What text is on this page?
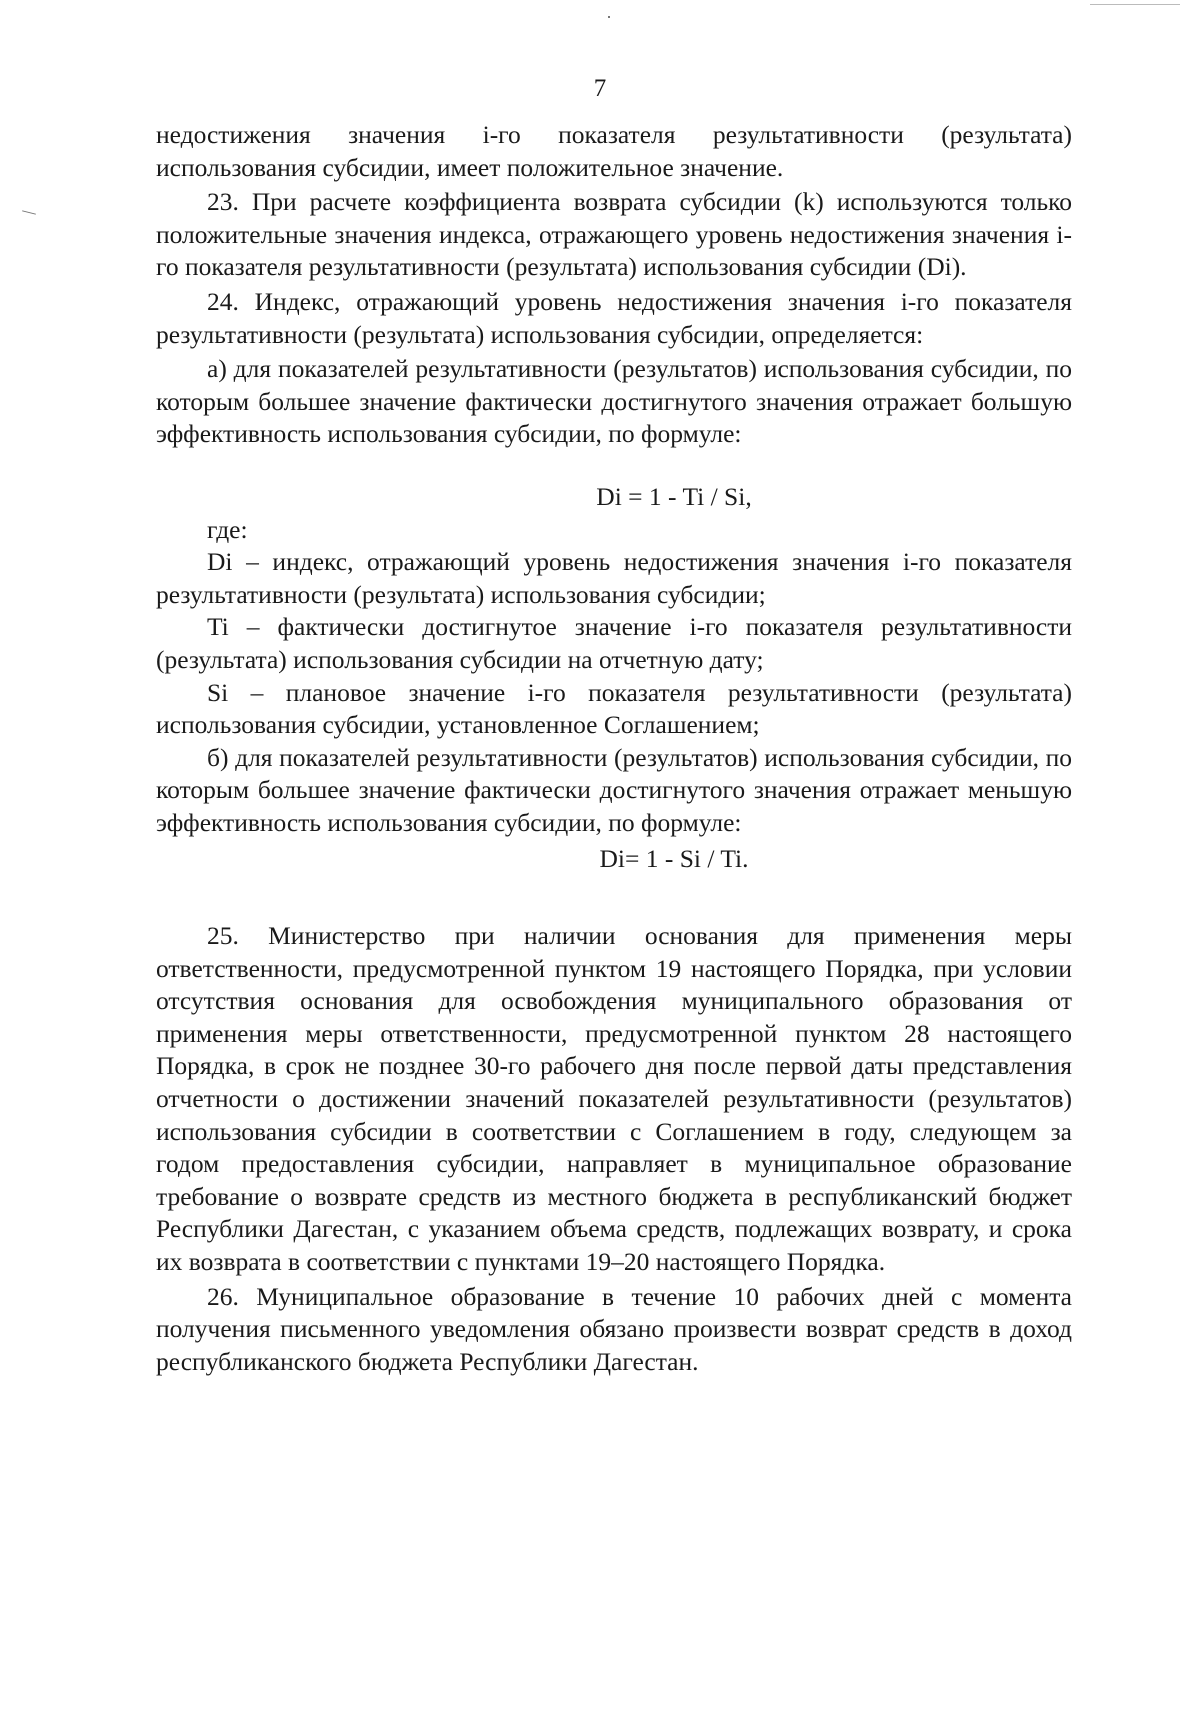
7

недостижения значения i-го показателя результативности (результата) использования субсидии, имеет положительное значение.

23. При расчете коэффициента возврата субсидии (k) используются только положительные значения индекса, отражающего уровень недостижения значения i-го показателя результативности (результата) использования субсидии (Di).

24. Индекс, отражающий уровень недостижения значения i-го показателя результативности (результата) использования субсидии, определяется:

а) для показателей результативности (результатов) использования субсидии, по которым большее значение фактически достигнутого значения отражает большую эффективность использования субсидии, по формуле:

Di = 1 - Ti / Si,

где:

Di – индекс, отражающий уровень недостижения значения i-го показателя результативности (результата) использования субсидии;

Ti – фактически достигнутое значение i-го показателя результативности (результата) использования субсидии на отчетную дату;

Si – плановое значение i-го показателя результативности (результата) использования субсидии, установленное Соглашением;

б) для показателей результативности (результатов) использования субсидии, по которым большее значение фактически достигнутого значения отражает меньшую эффективность использования субсидии, по формуле:

Di= 1 - Si / Ti.

25. Министерство при наличии основания для применения меры ответственности, предусмотренной пунктом 19 настоящего Порядка, при условии отсутствия основания для освобождения муниципального образования от применения меры ответственности, предусмотренной пунктом 28 настоящего Порядка, в срок не позднее 30-го рабочего дня после первой даты представления отчетности о достижении значений показателей результативности (результатов) использования субсидии в соответствии с Соглашением в году, следующем за годом предоставления субсидии, направляет в муниципальное образование требование о возврате средств из местного бюджета в республиканский бюджет Республики Дагестан, с указанием объема средств, подлежащих возврату, и срока их возврата в соответствии с пунктами 19–20 настоящего Порядка.

26. Муниципальное образование в течение 10 рабочих дней с момента получения письменного уведомления обязано произвести возврат средств в доход республиканского бюджета Республики Дагестан.
